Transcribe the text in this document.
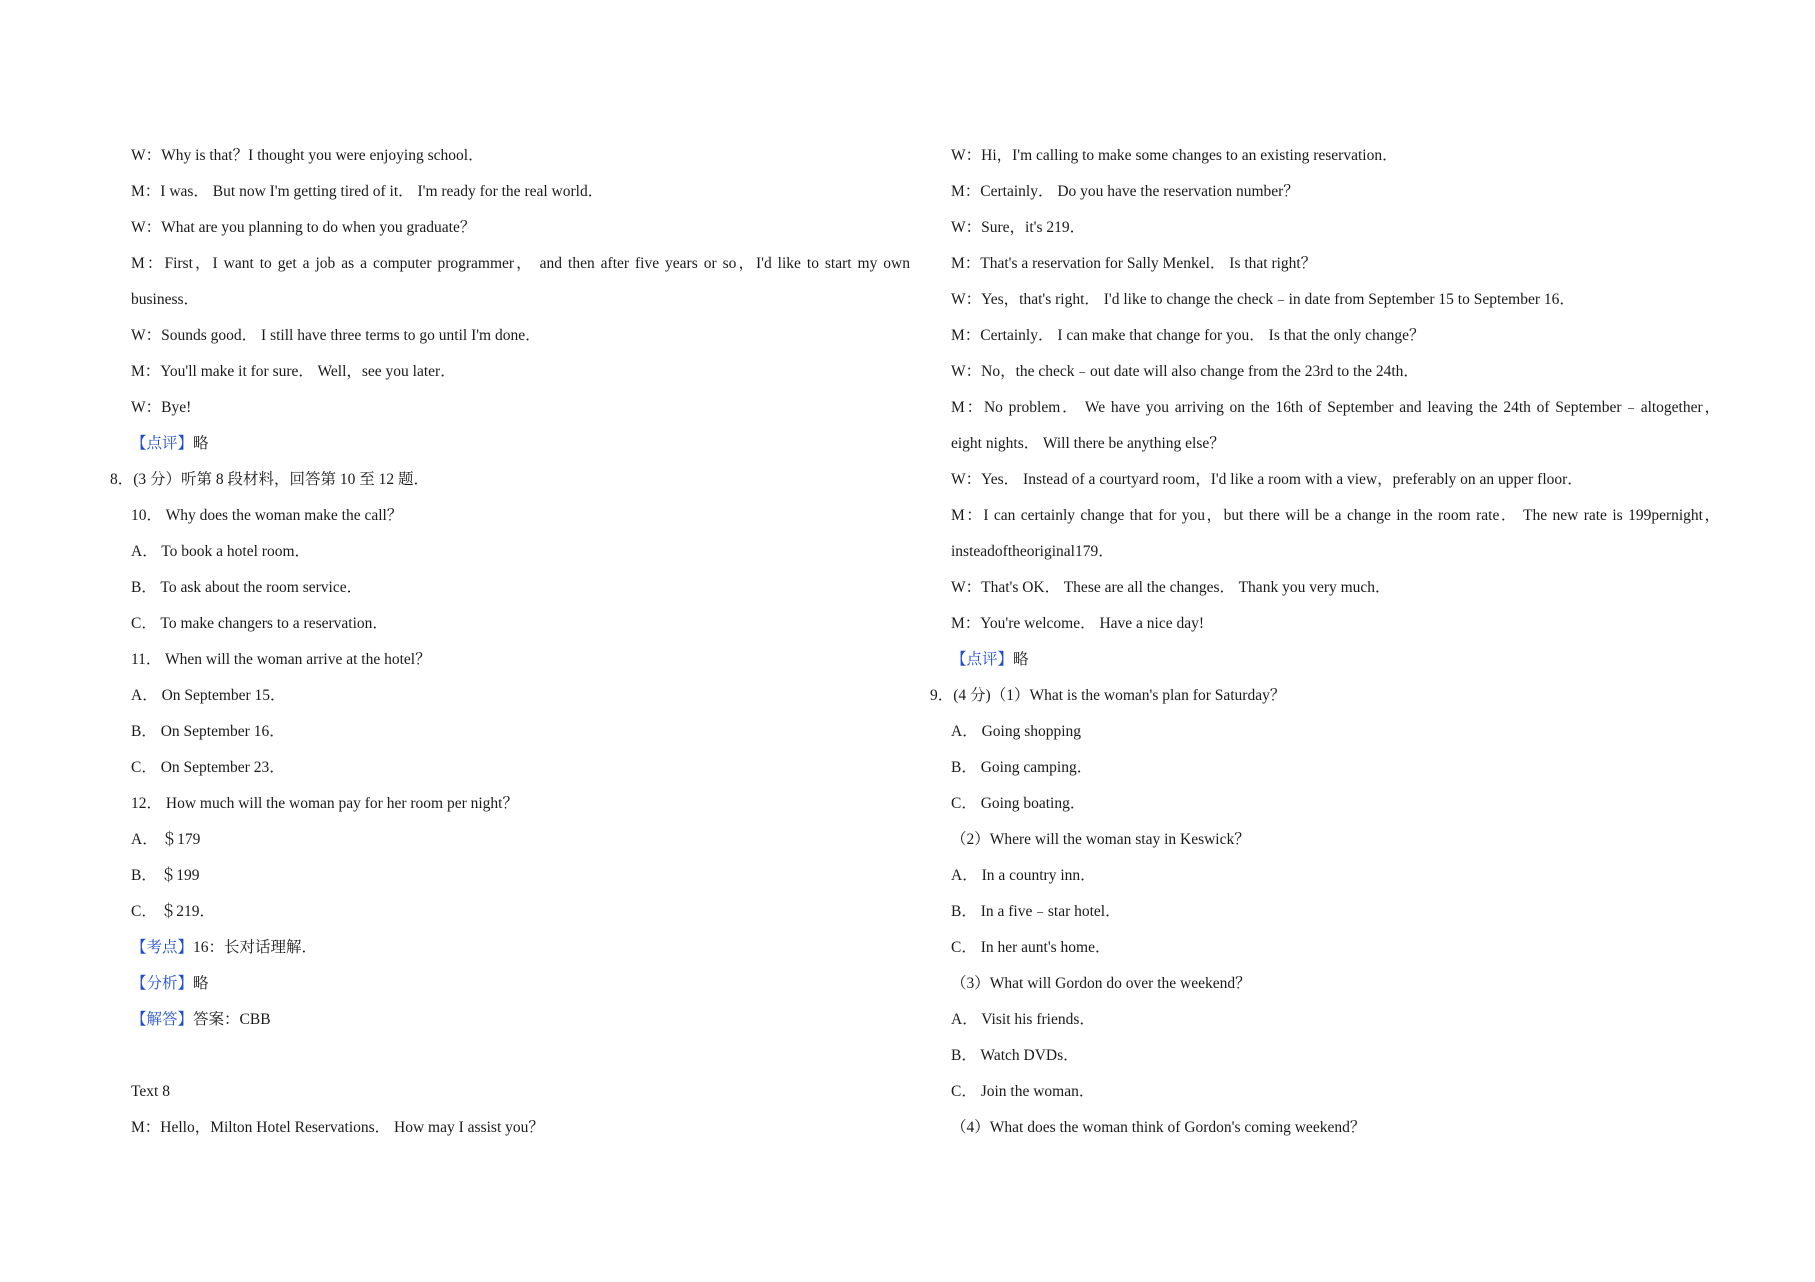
W：Why is that？I thought you were enjoying school．
M：I was． But now I'm getting tired of it． I'm ready for the real world．
W：What are you planning to do when you graduate？
M：First，I want to get a job as a computer programmer， and then after five years or so，I'd like to start my own
business．
W：Sounds good． I still have three terms to go until I'm done．
M：You'll make it for sure． Well，see you later．
W：Bye!
【点评】略
8．(3 分）听第 8 段材料，回答第 10 至 12 题．
10． Why does the woman make the call？
A． To book a hotel room．
B． To ask about the room service．
C． To make changers to a reservation．
11． When will the woman arrive at the hotel？
A． On September 15．
B． On September 16．
C． On September 23．
12． How much will the woman pay for her room per night？
A． ＄179
B． ＄199
C． ＄219．
【考点】16：长对话理解．
【分析】略
【解答】答案：CBB
Text 8
M：Hello，Milton Hotel Reservations． How may I assist you？
W：Hi，I'm calling to make some changes to an existing reservation．
M：Certainly． Do you have the reservation number？
W：Sure，it's 219．
M：That's a reservation for Sally Menkel． Is that right？
W：Yes，that's right． I'd like to change the check﹣in date from September 15 to September 16．
M：Certainly． I can make that change for you． Is that the only change？
W：No，the check﹣out date will also change from the 23rd to the 24th．
M：No problem． We have you arriving on the 16th of September and leaving the 24th of September﹣altogether，
eight nights． Will there be anything else？
W：Yes． Instead of a courtyard room，I'd like a room with a view，preferably on an upper floor．
M：I can certainly change that for you，but there will be a change in the room rate． The new rate is 199pernight，
insteadoftheoriginal179．
W：That's OK． These are all the changes． Thank you very much．
M：You're welcome． Have a nice day!
【点评】略
9．(4 分)（1）What is the woman's plan for Saturday？
A． Going shopping
B． Going camping．
C． Going boating．
（2）Where will the woman stay in Keswick？
A． In a country inn．
B． In a five﹣star hotel．
C． In her aunt's home．
（3）What will Gordon do over the weekend？
A． Visit his friends．
B． Watch DVDs．
C． Join the woman．
（4）What does the woman think of Gordon's coming weekend？
